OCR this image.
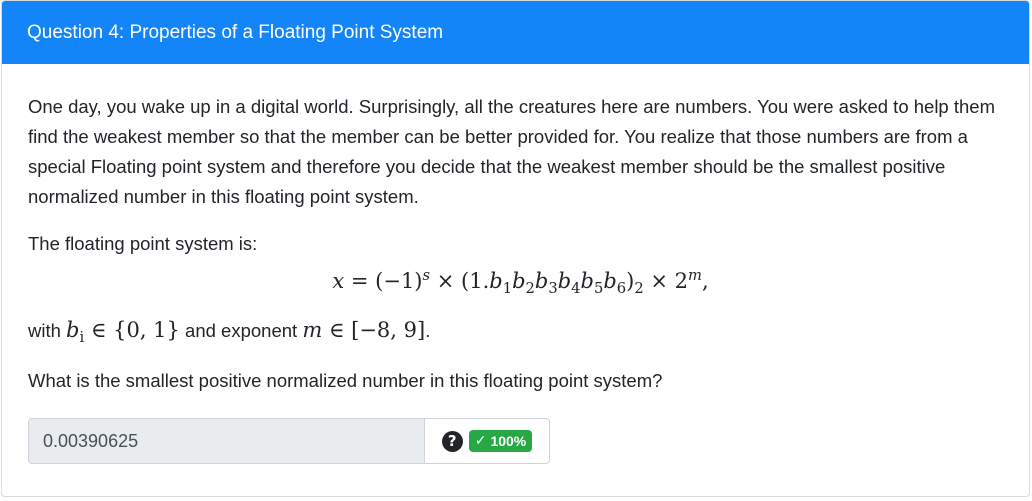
Question 4: Properties of a Floating Point System

One day, you wake up in a digital world. Surprisingly, all the creatures here are numbers. You were asked to help them find the weakest member so that the member can be better provided for. You realize that those numbers are from a special Floating point system and therefore you decide that the weakest member should be the smallest positive normalized number in this floating point system.

The floating point system is:

$x = (-1)^s \times (1.b_1b_2b_3b_4b_5b_6)_2 \times 2^m$,

with $b_i$ ∈ {0, 1} and exponent m ∈ [−8, 9].

What is the smallest positive normalized number in this floating point system?

0.00390625	?	✓ 100%
